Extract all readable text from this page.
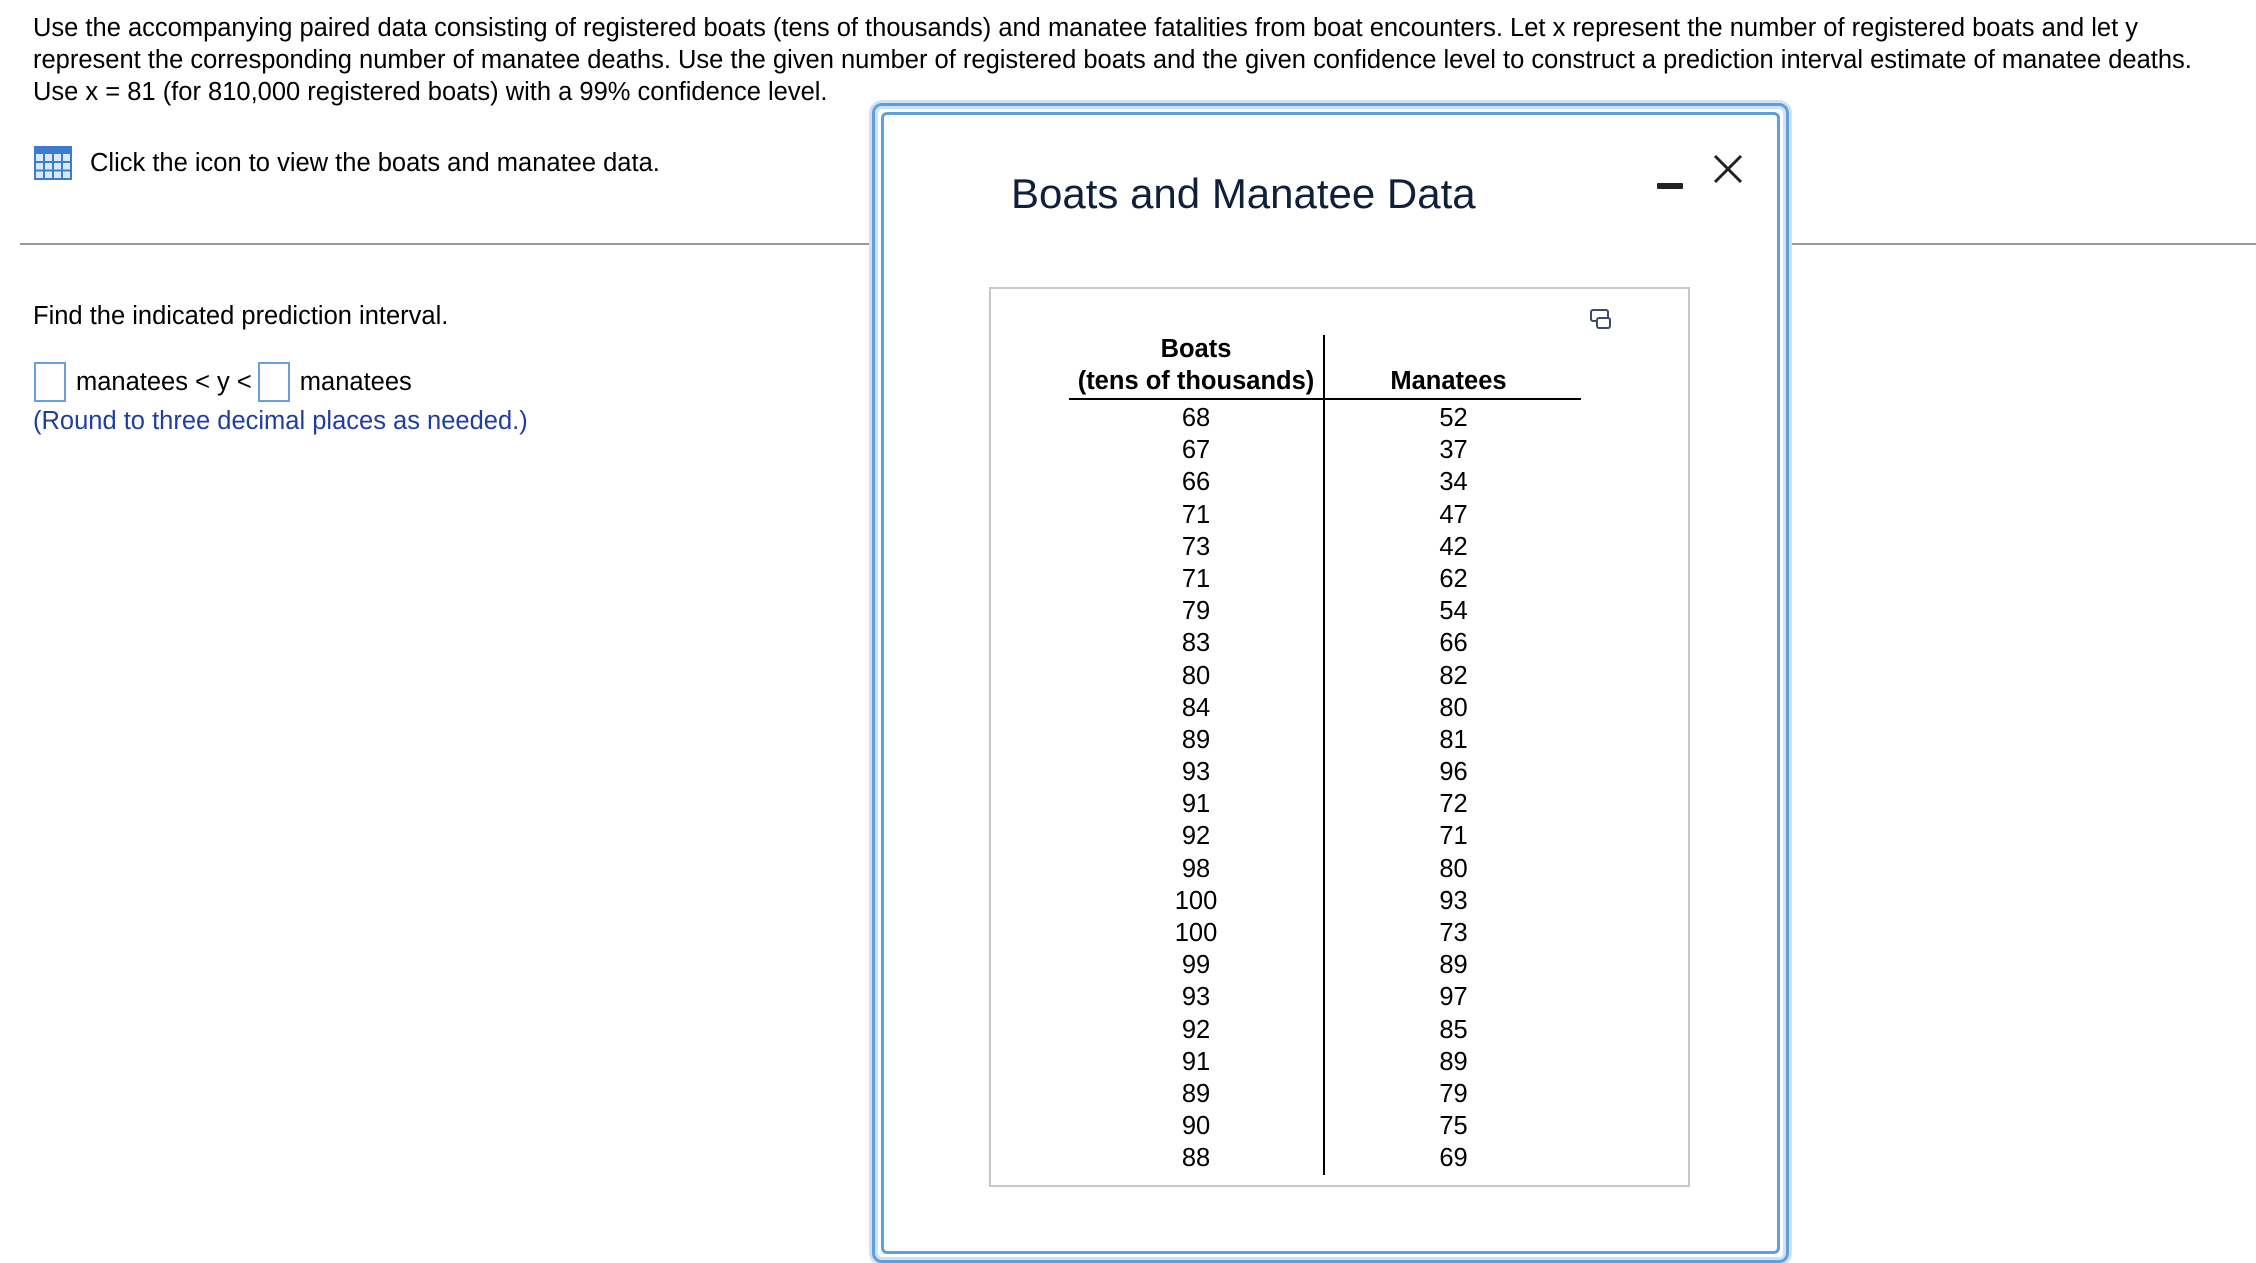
Use the accompanying paired data consisting of registered boats (tens of thousands) and manatee fatalities from boat encounters. Let x represent the number of registered boats and let y
represent the corresponding number of manatee deaths. Use the given number of registered boats and the given confidence level to construct a prediction interval estimate of manatee deaths.
Use x = 81 (for 810,000 registered boats) with a 99% confidence level.
Click the icon to view the boats and manatee data.
Find the indicated prediction interval.
manatees < y < manatees
(Round to three decimal places as needed.)
Boats and Manatee Data
Boats
(tens of thousands)	Manatees
68
67
66
71
73
71
79
83
80
84
89
93
91
92
98
100
100
99
93
92
91
89
90
88
52
37
34
47
42
62
54
66
82
80
81
96
72
71
80
93
73
89
97
85
89
79
75
69
